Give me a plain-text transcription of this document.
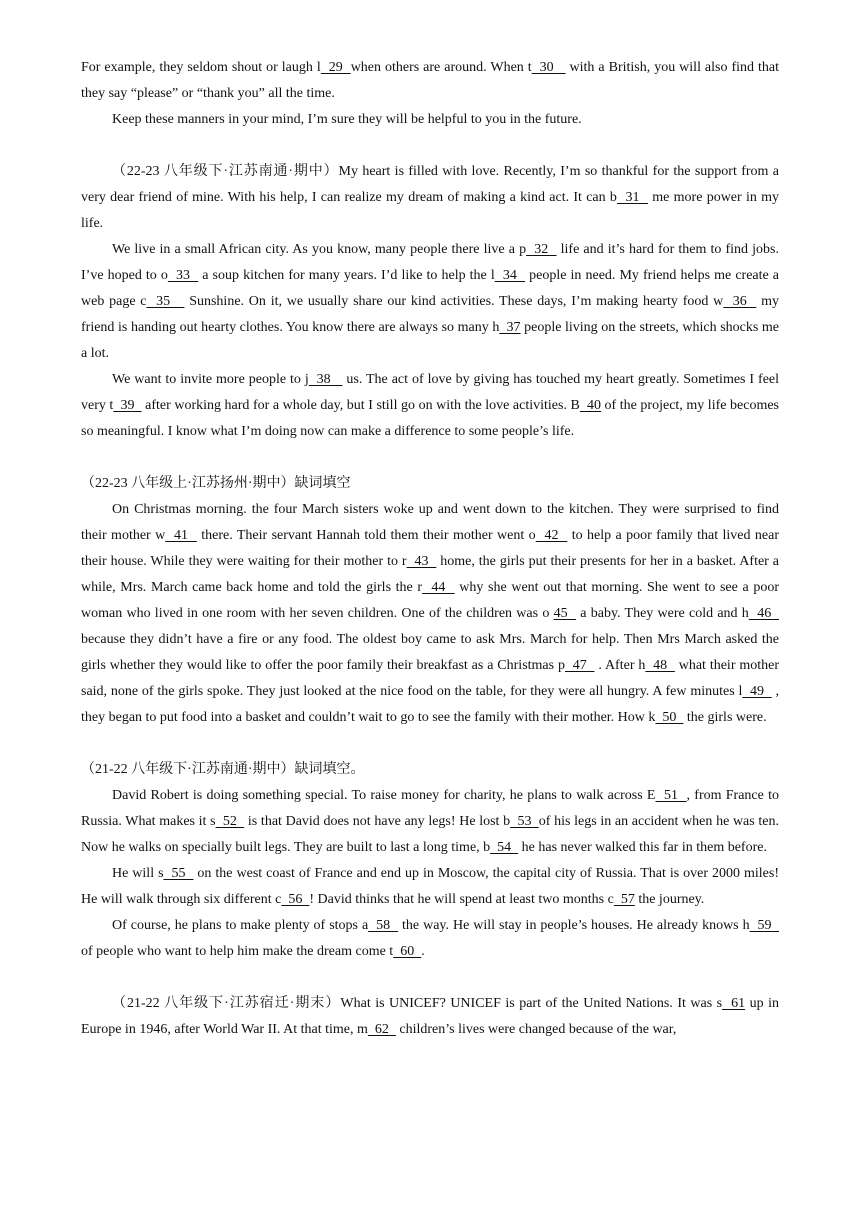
For example, they seldom shout or laugh l  29  when others are around. When t  30    with a British, you will also find that they say “please” or “thank you” all the time.

Keep these manners in your mind, I’m sure they will be helpful to you in the future.

（22-23 八年级下·江苏南通·期中）My heart is filled with love. Recently, I’m so thankful for the support from a very dear friend of mine. With his help, I can realize my dream of making a kind act. It can b  31   me more power in my life.

We live in a small African city. As you know, many people there live a p  32   life and it’s hard for them to find jobs. I’ve hoped to o  33   a soup kitchen for many years. I’d like to help the l  34   people in need. My friend helps me create a web page c  35    Sunshine. On it, we usually share our kind activities. These days, I’m making hearty food w  36   my friend is handing out hearty clothes. You know there are always so many h  37 people living on the streets, which shocks me a lot.

We want to invite more people to j  38    us. The act of love by giving has touched my heart greatly. Sometimes I feel very t  39   after working hard for a whole day, but I still go on with the love activities. B  40 of the project, my life becomes so meaningful. I know what I’m doing now can make a difference to some people’s life.

（22-23 八年级上·江苏扬州·期中）缺词填空

On Christmas morning. the four March sisters woke up and went down to the kitchen. They were surprised to find their mother w  41   there. Their servant Hannah told them their mother went o  42   to help a poor family that lived near their house. While they were waiting for their mother to r  43   home, the girls put their presents for her in a basket. After a while, Mrs. March came back home and told the girls the r  44   why she went out that morning. She went to see a poor woman who lived in one room with her seven children. One of the children was o 45   a baby. They were cold and h  46   because they didn’t have a fire or any food. The oldest boy came to ask Mrs. March for help. Then Mrs March asked the girls whether they would like to offer the poor family their breakfast as a Christmas p  47   . After h  48   what their mother said, none of the girls spoke. They just looked at the nice food on the table, for they were all hungry. A few minutes l  49   , they began to put food into a basket and couldn’t wait to go to see the family with their mother. How k  50   the girls were.

（21-22 八年级下·江苏南通·期中）缺词填空。

David Robert is doing something special. To raise money for charity, he plans to walk across E  51  , from France to Russia. What makes it s  52   is that David does not have any legs! He lost b  53  of his legs in an accident when he was ten. Now he walks on specially built legs. They are built to last a long time, b  54   he has never walked this far in them before.

He will s  55   on the west coast of France and end up in Moscow, the capital city of Russia. That is over 2000 miles! He will walk through six different c  56  ! David thinks that he will spend at least two months c  57 the journey.

Of course, he plans to make plenty of stops a  58   the way. He will stay in people’s houses. He already knows h  59   of people who want to help him make the dream come t  60  .

（21-22 八年级下·江苏宿迁·期末）What is UNICEF? UNICEF is part of the United Nations. It was s  61 up in Europe in 1946, after World War II. At that time, m  62   children’s lives were changed because of the war,
